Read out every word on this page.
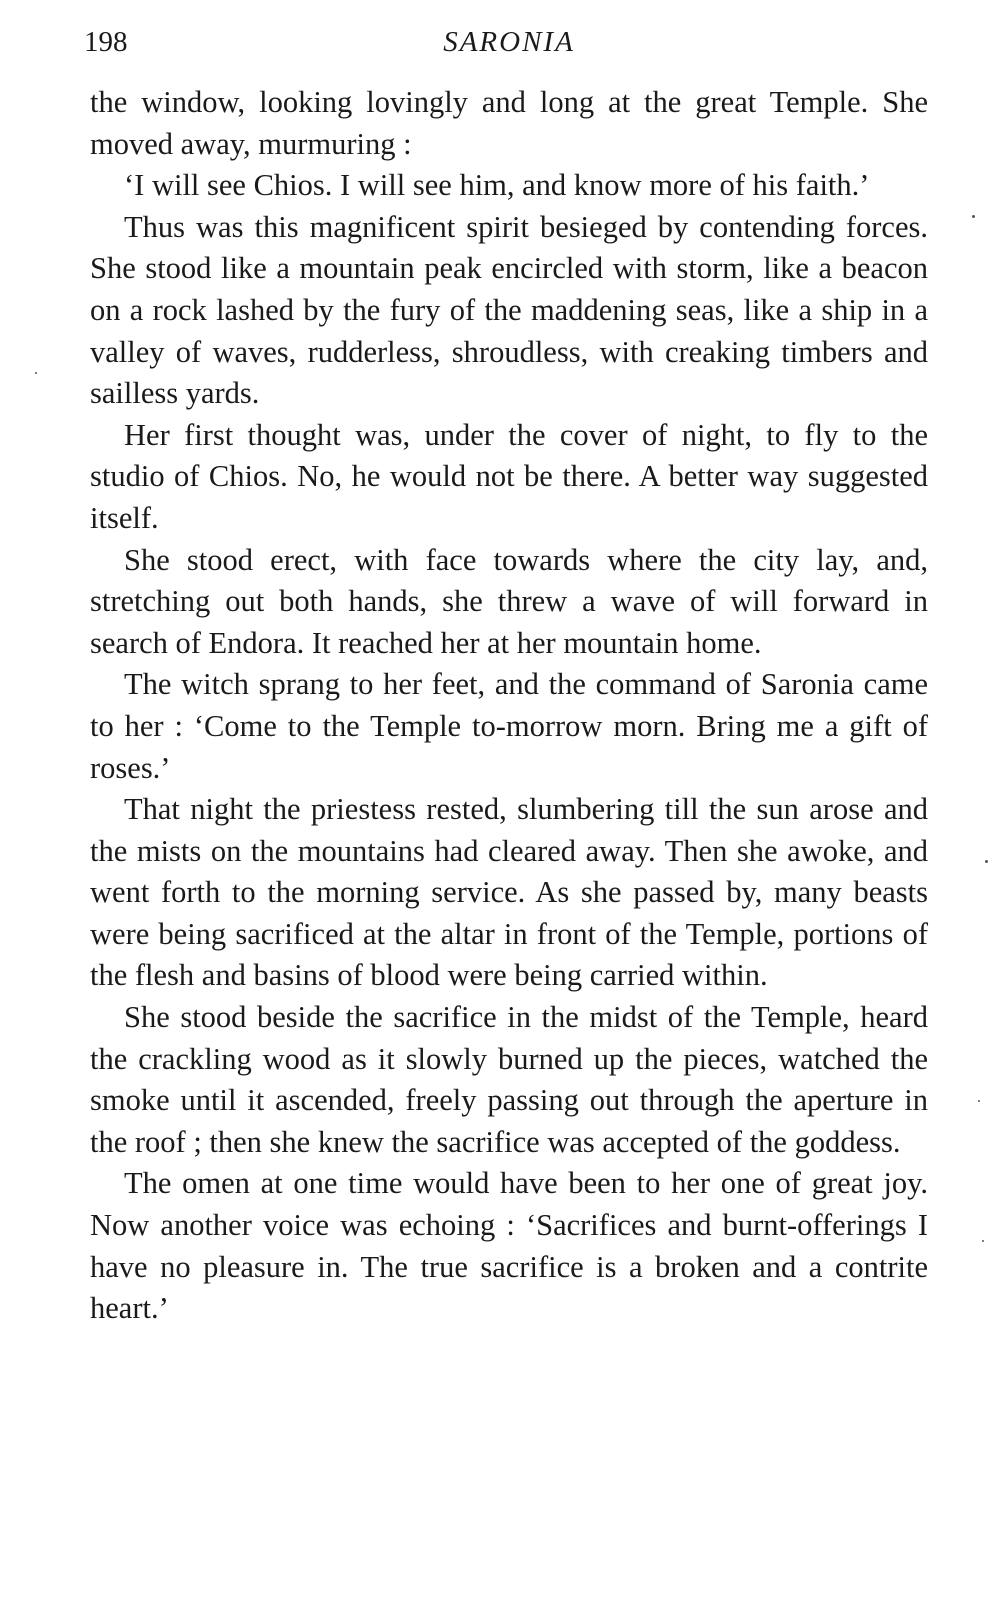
198	SARONIA

the window, looking lovingly and long at the great Temple. She moved away, murmuring :

‘I will see Chios. I will see him, and know more of his faith.’

Thus was this magnificent spirit besieged by contending forces. She stood like a mountain peak encircled with storm, like a beacon on a rock lashed by the fury of the maddening seas, like a ship in a valley of waves, rudderless, shroudless, with creaking timbers and sailless yards.

Her first thought was, under the cover of night, to fly to the studio of Chios. No, he would not be there. A better way suggested itself.

She stood erect, with face towards where the city lay, and, stretching out both hands, she threw a wave of will forward in search of Endora. It reached her at her mountain home.

The witch sprang to her feet, and the command of Saronia came to her : ‘Come to the Temple to-morrow morn. Bring me a gift of roses.’

That night the priestess rested, slumbering till the sun arose and the mists on the mountains had cleared away. Then she awoke, and went forth to the morning service. As she passed by, many beasts were being sacrificed at the altar in front of the Temple, portions of the flesh and basins of blood were being carried within.

She stood beside the sacrifice in the midst of the Temple, heard the crackling wood as it slowly burned up the pieces, watched the smoke until it ascended, freely passing out through the aperture in the roof ; then she knew the sacrifice was accepted of the goddess.

The omen at one time would have been to her one of great joy. Now another voice was echoing : ‘Sacrifices and burnt-offerings I have no pleasure in. The true sacrifice is a broken and a contrite heart.’
